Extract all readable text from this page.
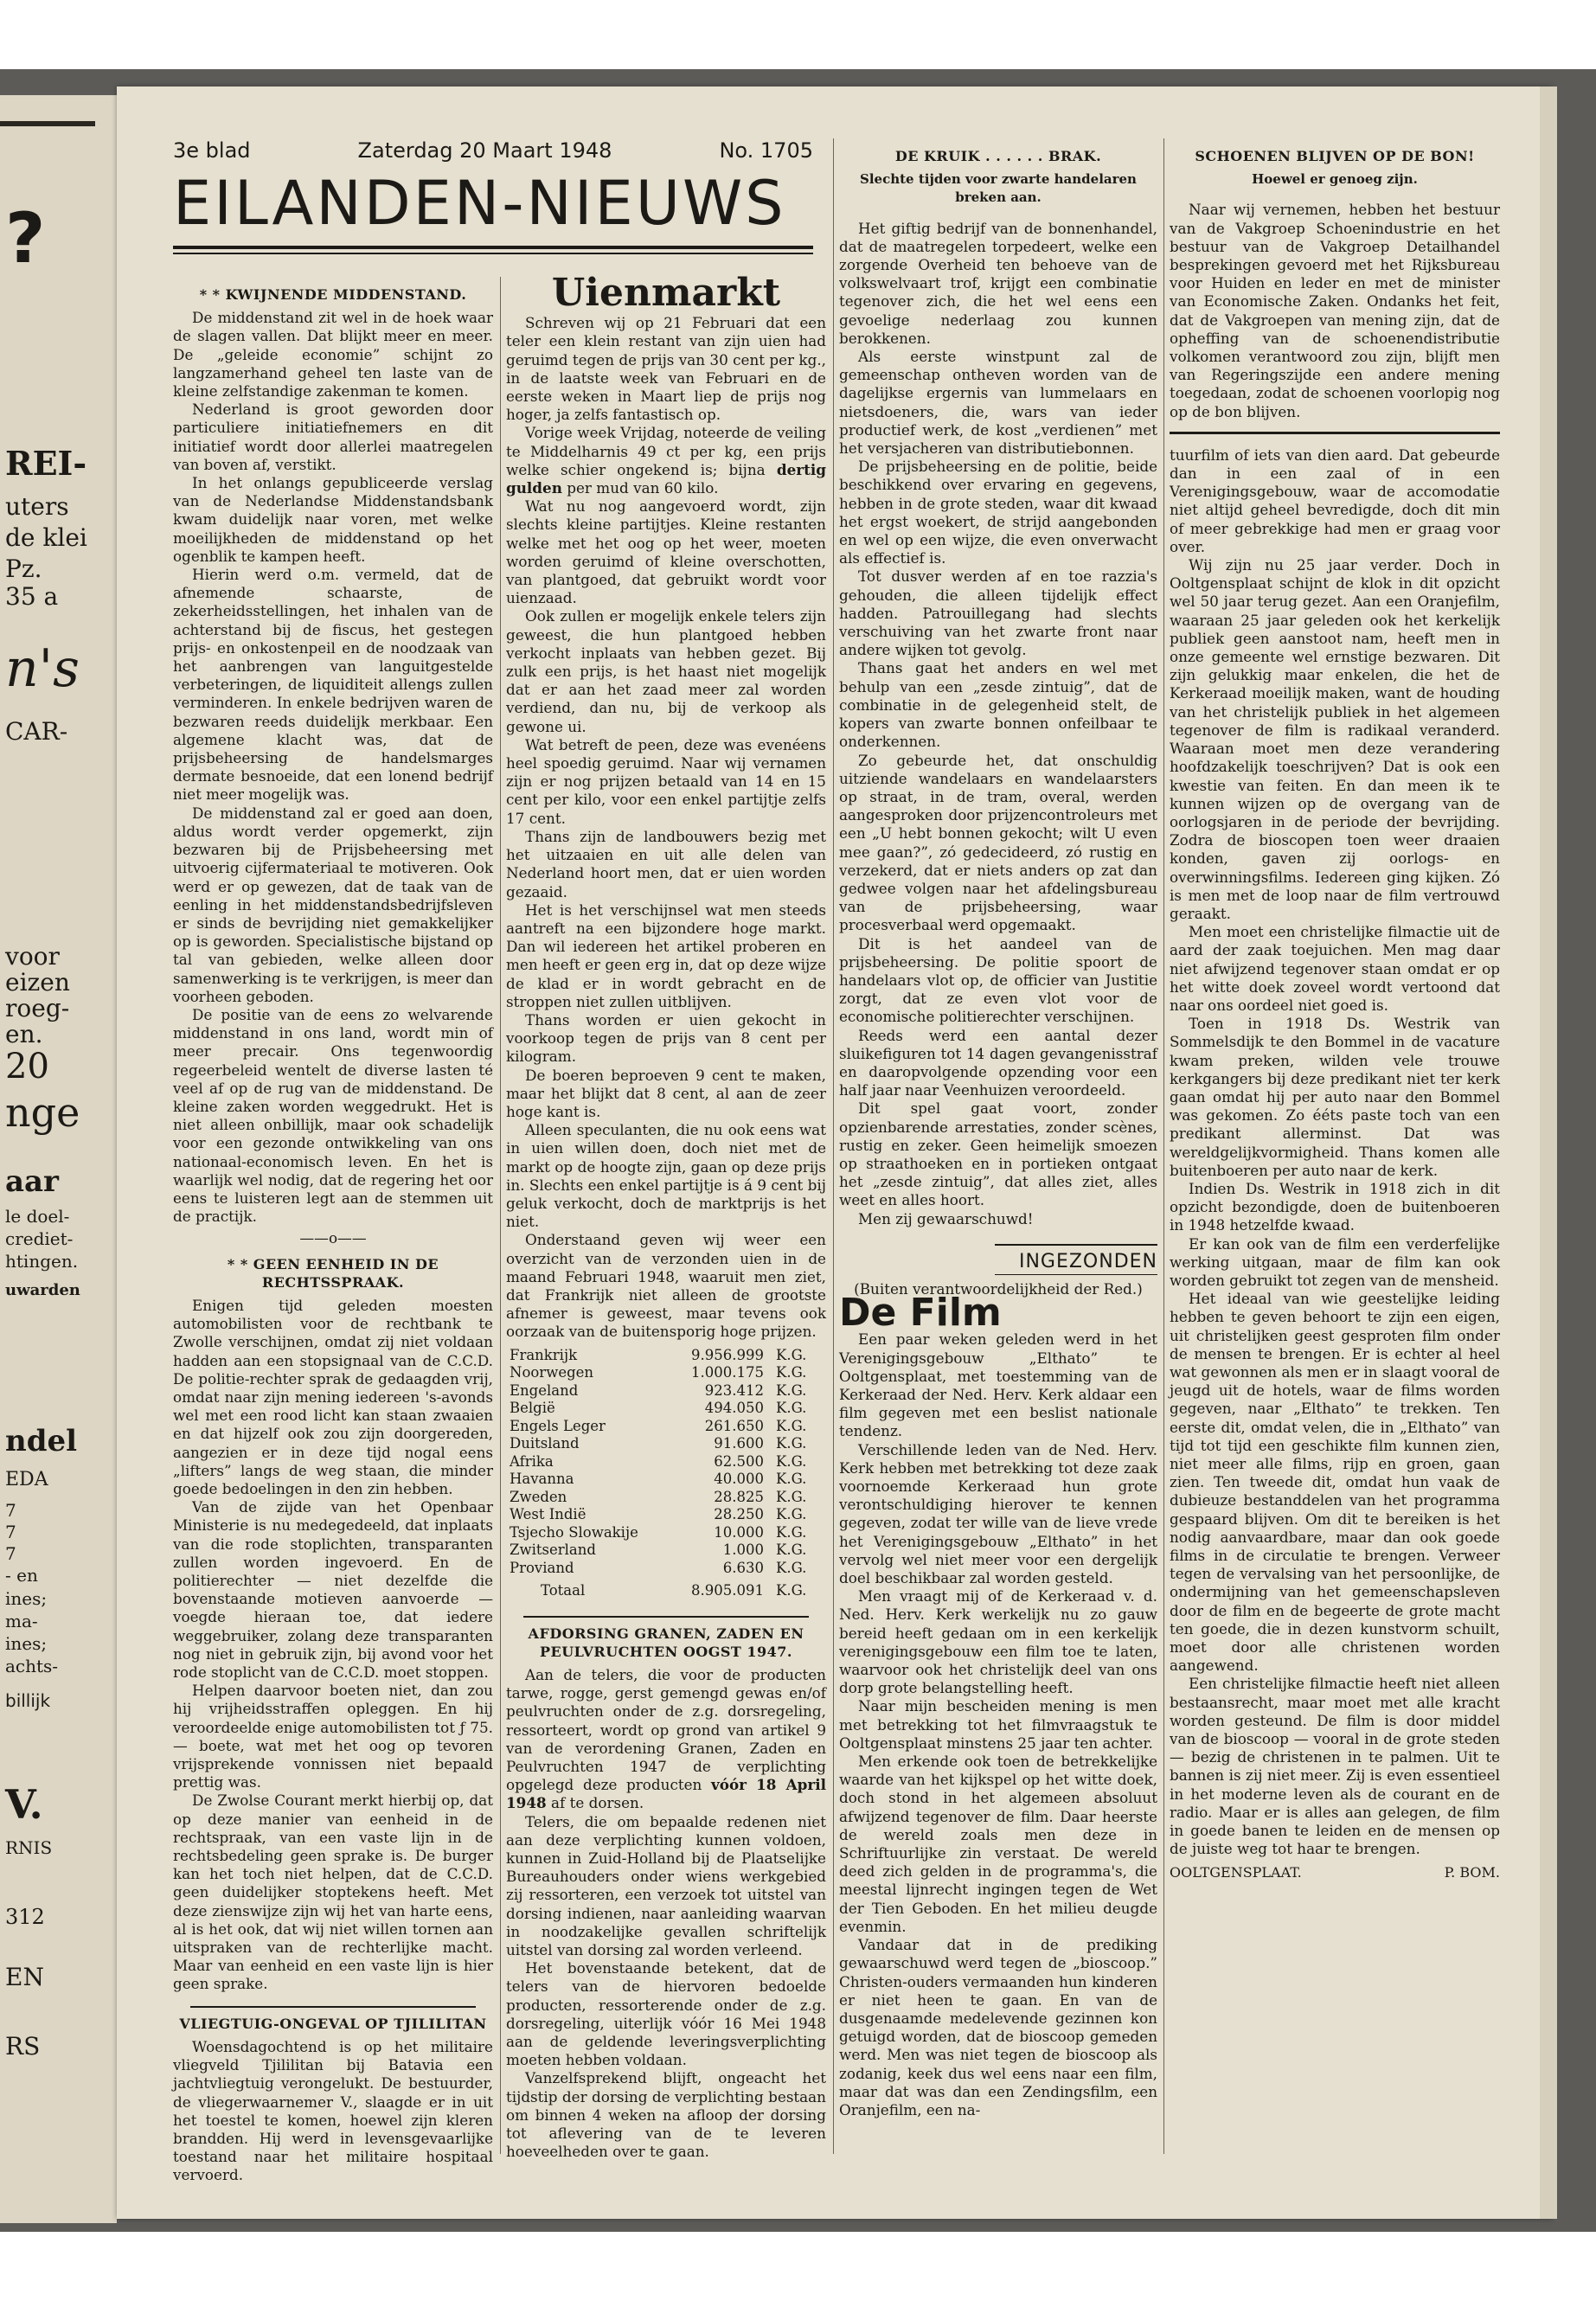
?
REI-
uters
de klei
Pz.
35 a
n's
CAR-
voor
eizen
roeg-
en.
20
nge
aar
le doel-
crediet-
htingen.
uwarden
ndel
EDA
7
7
7
- en
ines;
ma-
ines;
achts-
billijk
V.
RNIS
312
EN
RS
3e blad	Zaterdag 20 Maart 1948	No. 1705
EILANDEN-NIEUWS
* * KWIJNENDE MIDDENSTAND.

De middenstand zit wel in de hoek waar de slagen vallen. Dat blijkt meer en meer. De „geleide economie” schijnt zo langzamerhand geheel ten laste van de kleine zelfstandige zakenman te komen.

Nederland is groot geworden door particuliere initiatiefnemers en dit initiatief wordt door allerlei maatregelen van boven af, verstikt.

In het onlangs gepubliceerde verslag van de Nederlandse Middenstandsbank kwam duidelijk naar voren, met welke moeilijkheden de middenstand op het ogenblik te kampen heeft.

Hierin werd o.m. vermeld, dat de afnemende schaarste, de zekerheidsstellingen, het inhalen van de achterstand bij de fiscus, het gestegen prijs- en onkostenpeil en de noodzaak van het aanbrengen van languitgestelde verbeteringen, de liquiditeit allengs zullen verminderen. In enkele bedrijven waren de bezwaren reeds duidelijk merkbaar. Een algemene klacht was, dat de prijsbeheersing de handelsmarges dermate besnoeide, dat een lonend bedrijf niet meer mogelijk was.

De middenstand zal er goed aan doen, aldus wordt verder opgemerkt, zijn bezwaren bij de Prijsbeheersing met uitvoerig cijfermateriaal te motiveren. Ook werd er op gewezen, dat de taak van de eenling in het middenstandsbedrijfsleven er sinds de bevrijding niet gemakkelijker op is geworden. Specialistische bijstand op tal van gebieden, welke alleen door samenwerking is te verkrijgen, is meer dan voorheen geboden.

De positie van de eens zo welvarende middenstand in ons land, wordt min of meer precair. Ons tegenwoordig regeerbeleid wentelt de diverse lasten té veel af op de rug van de middenstand. De kleine zaken worden weggedrukt. Het is niet alleen onbillijk, maar ook schadelijk voor een gezonde ontwikkeling van ons nationaal-economisch leven. En het is waarlijk wel nodig, dat de regering het oor eens te luisteren legt aan de stemmen uit de practijk.

——o——
* * GEEN EENHEID IN DE RECHTSSPRAAK.

Enigen tijd geleden moesten automobilisten voor de rechtbank te Zwolle verschijnen, omdat zij niet voldaan hadden aan een stopsignaal van de C.C.D. De politie-rechter sprak de gedaagden vrij, omdat naar zijn mening iedereen 's-avonds wel met een rood licht kan staan zwaaien en dat hijzelf ook zou zijn doorgereden, aangezien er in deze tijd nogal eens „lifters” langs de weg staan, die minder goede bedoelingen in den zin hebben.

Van de zijde van het Openbaar Ministerie is nu medegedeeld, dat inplaats van die rode stoplichten, transparanten zullen worden ingevoerd. En de politierechter — niet dezelfde die bovenstaande motieven aanvoerde — voegde hieraan toe, dat iedere weggebruiker, zolang deze transparanten nog niet in gebruik zijn, bij avond voor het rode stoplicht van de C.C.D. moet stoppen.

Helpen daarvoor boeten niet, dan zou hij vrijheidsstraffen opleggen. En hij veroordeelde enige automobilisten tot ƒ 75.— boete, wat met het oog op tevoren vrijsprekende vonnissen niet bepaald prettig was.

De Zwolse Courant merkt hierbij op, dat op deze manier van eenheid in de rechtspraak, van een vaste lijn in de rechtsbedeling geen sprake is. De burger kan het toch niet helpen, dat de C.C.D. geen duidelijker stoptekens heeft. Met deze zienswijze zijn wij het van harte eens, al is het ook, dat wij niet willen tornen aan uitspraken van de rechterlijke macht. Maar van eenheid en een vaste lijn is hier geen sprake.

VLIEGTUIG-ONGEVAL OP TJILILITAN

Woensdagochtend is op het militaire vliegveld Tjililitan bij Batavia een jachtvliegtuig verongelukt. De bestuurder, de vliegerwaarnemer V., slaagde er in uit het toestel te komen, hoewel zijn kleren brandden. Hij werd in levensgevaarlijke toestand naar het militaire hospitaal vervoerd.

Uienmarkt

Schreven wij op 21 Februari dat een teler een klein restant van zijn uien had geruimd tegen de prijs van 30 cent per kg., in de laatste week van Februari en de eerste weken in Maart liep de prijs nog hoger, ja zelfs fantastisch op.

Vorige week Vrijdag, noteerde de veiling te Middelharnis 49 ct per kg, een prijs welke schier ongekend is; bijna dertig gulden per mud van 60 kilo.

Wat nu nog aangevoerd wordt, zijn slechts kleine partijtjes. Kleine restanten welke met het oog op het weer, moeten worden geruimd of kleine overschotten, van plantgoed, dat gebruikt wordt voor uienzaad.

Ook zullen er mogelijk enkele telers zijn geweest, die hun plantgoed hebben verkocht inplaats van hebben gezet. Bij zulk een prijs, is het haast niet mogelijk dat er aan het zaad meer zal worden verdiend, dan nu, bij de verkoop als gewone ui.

Wat betreft de peen, deze was evenéens heel spoedig geruimd. Naar wij vernamen zijn er nog prijzen betaald van 14 en 15 cent per kilo, voor een enkel partijtje zelfs 17 cent.

Thans zijn de landbouwers bezig met het uitzaaien en uit alle delen van Nederland hoort men, dat er uien worden gezaaid.

Het is het verschijnsel wat men steeds aantreft na een bijzondere hoge markt. Dan wil iedereen het artikel proberen en men heeft er geen erg in, dat op deze wijze de klad er in wordt gebracht en de stroppen niet zullen uitblijven.

Thans worden er uien gekocht in voorkoop tegen de prijs van 8 cent per kilogram.

De boeren beproeven 9 cent te maken, maar het blijkt dat 8 cent, al aan de zeer hoge kant is.

Alleen speculanten, die nu ook eens wat in uien willen doen, doch niet met de markt op de hoogte zijn, gaan op deze prijs in. Slechts een enkel partijtje is á 9 cent bij geluk verkocht, doch de marktprijs is het niet.

Onderstaand geven wij weer een overzicht van de verzonden uien in de maand Februari 1948, waaruit men ziet, dat Frankrijk niet alleen de grootste afnemer is geweest, maar tevens ook oorzaak van de buitensporig hoge prijzen.

Frankrijk	9.956.999	K.G.
Noorwegen	1.000.175	K.G.
Engeland	923.412	K.G.
België	494.050	K.G.
Engels Leger	261.650	K.G.
Duitsland	91.600	K.G.
Afrika	62.500	K.G.
Havanna	40.000	K.G.
Zweden	28.825	K.G.
West Indië	28.250	K.G.
Tsjecho Slowakije	10.000	K.G.
Zwitserland	1.000	K.G.
Proviand	6.630	K.G.
Totaal	8.905.091	K.G.
AFDORSING GRANEN, ZADEN EN PEULVRUCHTEN OOGST 1947.

Aan de telers, die voor de producten tarwe, rogge, gerst gemengd gewas en/of peulvruchten onder de z.g. dorsregeling, ressorteert, wordt op grond van artikel 9 van de verordening Granen, Zaden en Peulvruchten 1947 de verplichting opgelegd deze producten vóór 18 April 1948 af te dorsen.

Telers, die om bepaalde redenen niet aan deze verplichting kunnen voldoen, kunnen in Zuid-Holland bij de Plaatselijke Bureauhouders onder wiens werkgebied zij ressorteren, een verzoek tot uitstel van dorsing indienen, naar aanleiding waarvan in noodzakelijke gevallen schriftelijk uitstel van dorsing zal worden verleend.

Het bovenstaande betekent, dat de telers van de hiervoren bedoelde producten, ressorterende onder de z.g. dorsregeling, uiterlijk vóór 16 Mei 1948 aan de geldende leveringsverplichting moeten hebben voldaan.

Vanzelfsprekend blijft, ongeacht het tijdstip der dorsing de verplichting bestaan om binnen 4 weken na afloop der dorsing tot aflevering van de te leveren hoeveelheden over te gaan.

DE KRUIK . . . . . . BRAK.
Slechte tijden voor zwarte handelaren breken aan.

Het giftig bedrijf van de bonnenhandel, dat de maatregelen torpedeert, welke een zorgende Overheid ten behoeve van de volkswelvaart trof, krijgt een combinatie tegenover zich, die het wel eens een gevoelige nederlaag zou kunnen berokkenen.

Als eerste winstpunt zal de gemeenschap ontheven worden van de dagelijkse ergernis van lummelaars en nietsdoeners, die, wars van ieder productief werk, de kost „verdienen” met het versjacheren van distributiebonnen.

De prijsbeheersing en de politie, beide beschikkend over ervaring en gegevens, hebben in de grote steden, waar dit kwaad het ergst woekert, de strijd aangebonden en wel op een wijze, die even onverwacht als effectief is.

Tot dusver werden af en toe razzia's gehouden, die alleen tijdelijk effect hadden. Patrouillegang had slechts verschuiving van het zwarte front naar andere wijken tot gevolg.

Thans gaat het anders en wel met behulp van een „zesde zintuig”, dat de combinatie in de gelegenheid stelt, de kopers van zwarte bonnen onfeilbaar te onderkennen.

Zo gebeurde het, dat onschuldig uitziende wandelaars en wandelaarsters op straat, in de tram, overal, werden aangesproken door prijzencontroleurs met een „U hebt bonnen gekocht; wilt U even mee gaan?”, zó gedecideerd, zó rustig en verzekerd, dat er niets anders op zat dan gedwee volgen naar het afdelingsbureau van de prijsbeheersing, waar procesverbaal werd opgemaakt.

Dit is het aandeel van de prijsbeheersing. De politie spoort de handelaars vlot op, de officier van Justitie zorgt, dat ze even vlot voor de economische politierechter verschijnen.

Reeds werd een aantal dezer sluikefiguren tot 14 dagen gevangenisstraf en daaropvolgende opzending voor een half jaar naar Veenhuizen veroordeeld.

Dit spel gaat voort, zonder opzienbarende arrestaties, zonder scènes, rustig en zeker. Geen heimelijk smoezen op straathoeken en in portieken ontgaat het „zesde zintuig”, dat alles ziet, alles weet en alles hoort.

Men zij gewaarschuwd!

INGEZONDEN
(Buiten verantwoordelijkheid der Red.)
De Film

Een paar weken geleden werd in het Verenigingsgebouw „Elthato” te Ooltgensplaat, met toestemming van de Kerkeraad der Ned. Herv. Kerk aldaar een film gegeven met een beslist nationale tendenz.

Verschillende leden van de Ned. Herv. Kerk hebben met betrekking tot deze zaak voornoemde Kerkeraad hun grote verontschuldiging hierover te kennen gegeven, zodat ter wille van de lieve vrede het Verenigingsgebouw „Elthato” in het vervolg wel niet meer voor een dergelijk doel beschikbaar zal worden gesteld.

Men vraagt mij of de Kerkeraad v. d. Ned. Herv. Kerk werkelijk nu zo gauw bereid heeft gedaan om in een kerkelijk verenigingsgebouw een film toe te laten, waarvoor ook het christelijk deel van ons dorp grote belangstelling heeft.

Naar mijn bescheiden mening is men met betrekking tot het filmvraagstuk te Ooltgensplaat minstens 25 jaar ten achter.

Men erkende ook toen de betrekkelijke waarde van het kijkspel op het witte doek, doch stond in het algemeen absoluut afwijzend tegenover de film. Daar heerste de wereld zoals men deze in Schriftuurlijke zin verstaat. De wereld deed zich gelden in de programma's, die meestal lijnrecht ingingen tegen de Wet der Tien Geboden. En het milieu deugde evenmin.

Vandaar dat in de prediking gewaarschuwd werd tegen de „bioscoop.” Christen-ouders vermaanden hun kinderen er niet heen te gaan. En van de dusgenaamde medelevende gezinnen kon getuigd worden, dat de bioscoop gemeden werd. Men was niet tegen de bioscoop als zodanig, keek dus wel eens naar een film, maar dat was dan een Zendingsfilm, een Oranjefilm, een na-

SCHOENEN BLIJVEN OP DE BON!
Hoewel er genoeg zijn.

Naar wij vernemen, hebben het bestuur van de Vakgroep Schoenindustrie en het bestuur van de Vakgroep Detailhandel besprekingen gevoerd met het Rijksbureau voor Huiden en leder en met de minister van Economische Zaken. Ondanks het feit, dat de Vakgroepen van mening zijn, dat de opheffing van de schoenendistributie volkomen verantwoord zou zijn, blijft men van Regeringszijde een andere mening toegedaan, zodat de schoenen voorlopig nog op de bon blijven.

tuurfilm of iets van dien aard. Dat gebeurde dan in een zaal of in een Verenigingsgebouw, waar de accomodatie niet altijd geheel bevredigde, doch dit min of meer gebrekkige had men er graag voor over.

Wij zijn nu 25 jaar verder. Doch in Ooltgensplaat schijnt de klok in dit opzicht wel 50 jaar terug gezet. Aan een Oranjefilm, waaraan 25 jaar geleden ook het kerkelijk publiek geen aanstoot nam, heeft men in onze gemeente wel ernstige bezwaren. Dit zijn gelukkig maar enkelen, die het de Kerkeraad moeilijk maken, want de houding van het christelijk publiek in het algemeen tegenover de film is radikaal veranderd. Waaraan moet men deze verandering hoofdzakelijk toeschrijven? Dat is ook een kwestie van feiten. En dan meen ik te kunnen wijzen op de overgang van de oorlogsjaren in de periode der bevrijding. Zodra de bioscopen toen weer draaien konden, gaven zij oorlogs- en overwinningsfilms. Iedereen ging kijken. Zó is men met de loop naar de film vertrouwd geraakt.

Men moet een christelijke filmactie uit de aard der zaak toejuichen. Men mag daar niet afwijzend tegenover staan omdat er op het witte doek zoveel wordt vertoond dat naar ons oordeel niet goed is.

Toen in 1918 Ds. Westrik van Sommelsdijk te den Bommel in de vacature kwam preken, wilden vele trouwe kerkgangers bij deze predikant niet ter kerk gaan omdat hij per auto naar den Bommel was gekomen. Zo ééts paste toch van een predikant allerminst. Dat was wereldgelijkvormigheid. Thans komen alle buitenboeren per auto naar de kerk.

Indien Ds. Westrik in 1918 zich in dit opzicht bezondigde, doen de buitenboeren in 1948 hetzelfde kwaad.

Er kan ook van de film een verderfelijke werking uitgaan, maar de film kan ook worden gebruikt tot zegen van de mensheid.

Het ideaal van wie geestelijke leiding hebben te geven behoort te zijn een eigen, uit christelijken geest gesproten film onder de mensen te brengen. Er is echter al heel wat gewonnen als men er in slaagt vooral de jeugd uit de hotels, waar de films worden gegeven, naar „Elthato” te trekken. Ten eerste dit, omdat velen, die in „Elthato” van tijd tot tijd een geschikte film kunnen zien, niet meer alle films, rijp en groen, gaan zien. Ten tweede dit, omdat hun vaak de dubieuze bestanddelen van het programma gespaard blijven. Om dit te bereiken is het nodig aanvaardbare, maar dan ook goede films in de circulatie te brengen. Verweer tegen de vervalsing van het persoonlijke, de ondermijning van het gemeenschapsleven door de film en de begeerte de grote macht ten goede, die in dezen kunstvorm schuilt, moet door alle christenen worden aangewend.

Een christelijke filmactie heeft niet alleen bestaansrecht, maar moet met alle kracht worden gesteund. De film is door middel van de bioscoop — vooral in de grote steden — bezig de christenen in te palmen. Uit te bannen is zij niet meer. Zij is even essentieel in het moderne leven als de courant en de radio. Maar er is alles aan gelegen, de film in goede banen te leiden en de mensen op de juiste weg tot haar te brengen.

OOLTGENSPLAAT.	P. BOM.
